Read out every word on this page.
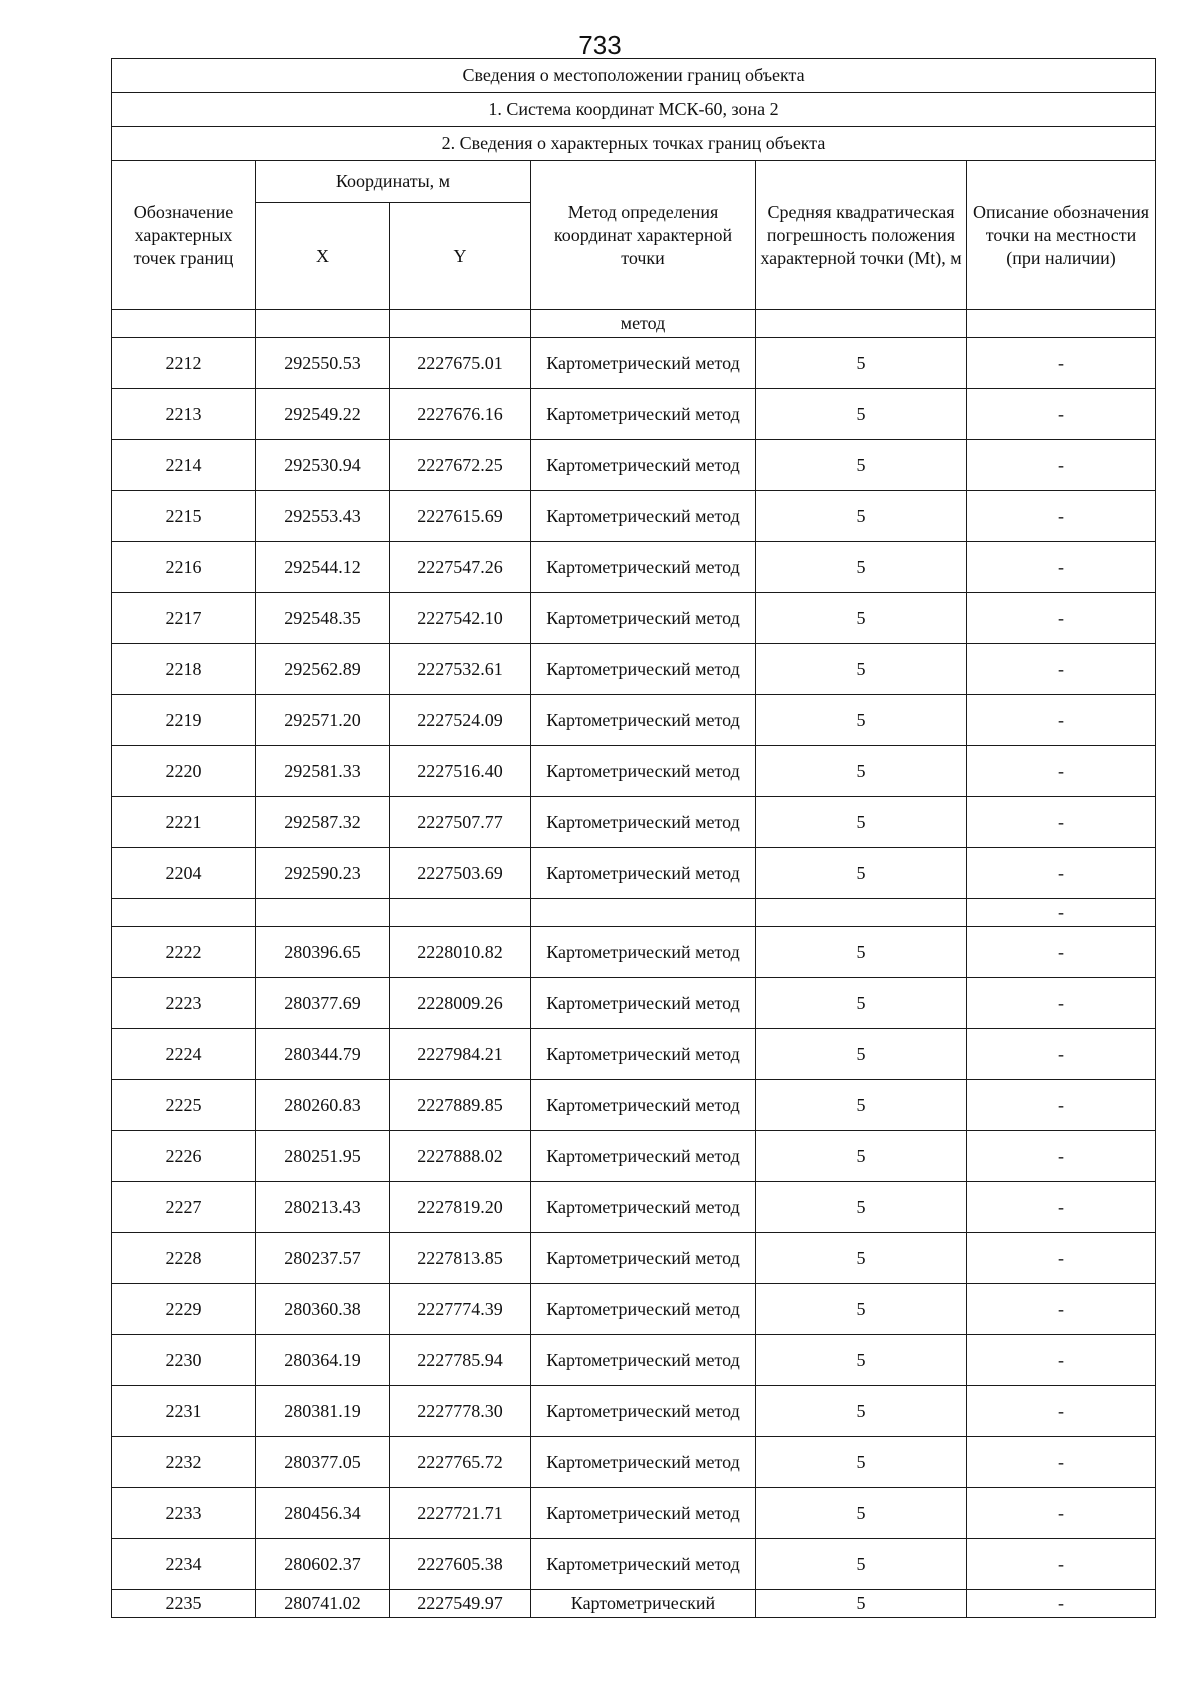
733
Сведения о местоположении границ объекта					
1. Система координат МСК-60, зона 2					
2. Сведения о характерных точках границ объекта					
Обозначение характерных точек границ	Координаты, м		Метод определения координат характерной точки	Средняя квадратическая погрешность положения характерной точки (Mt), м	Описание обозначения точки на местности (при наличии)
	X	Y			
			метод		
2212	292550.53	2227675.01	Картометрический метод	5	-
2213	292549.22	2227676.16	Картометрический метод	5	-
2214	292530.94	2227672.25	Картометрический метод	5	-
2215	292553.43	2227615.69	Картометрический метод	5	-
2216	292544.12	2227547.26	Картометрический метод	5	-
2217	292548.35	2227542.10	Картометрический метод	5	-
2218	292562.89	2227532.61	Картометрический метод	5	-
2219	292571.20	2227524.09	Картометрический метод	5	-
2220	292581.33	2227516.40	Картометрический метод	5	-
2221	292587.32	2227507.77	Картометрический метод	5	-
2204	292590.23	2227503.69	Картометрический метод	5	-
					-
2222	280396.65	2228010.82	Картометрический метод	5	-
2223	280377.69	2228009.26	Картометрический метод	5	-
2224	280344.79	2227984.21	Картометрический метод	5	-
2225	280260.83	2227889.85	Картометрический метод	5	-
2226	280251.95	2227888.02	Картометрический метод	5	-
2227	280213.43	2227819.20	Картометрический метод	5	-
2228	280237.57	2227813.85	Картометрический метод	5	-
2229	280360.38	2227774.39	Картометрический метод	5	-
2230	280364.19	2227785.94	Картометрический метод	5	-
2231	280381.19	2227778.30	Картометрический метод	5	-
2232	280377.05	2227765.72	Картометрический метод	5	-
2233	280456.34	2227721.71	Картометрический метод	5	-
2234	280602.37	2227605.38	Картометрический метод	5	-
2235	280741.02	2227549.97	Картометрический	5	-
